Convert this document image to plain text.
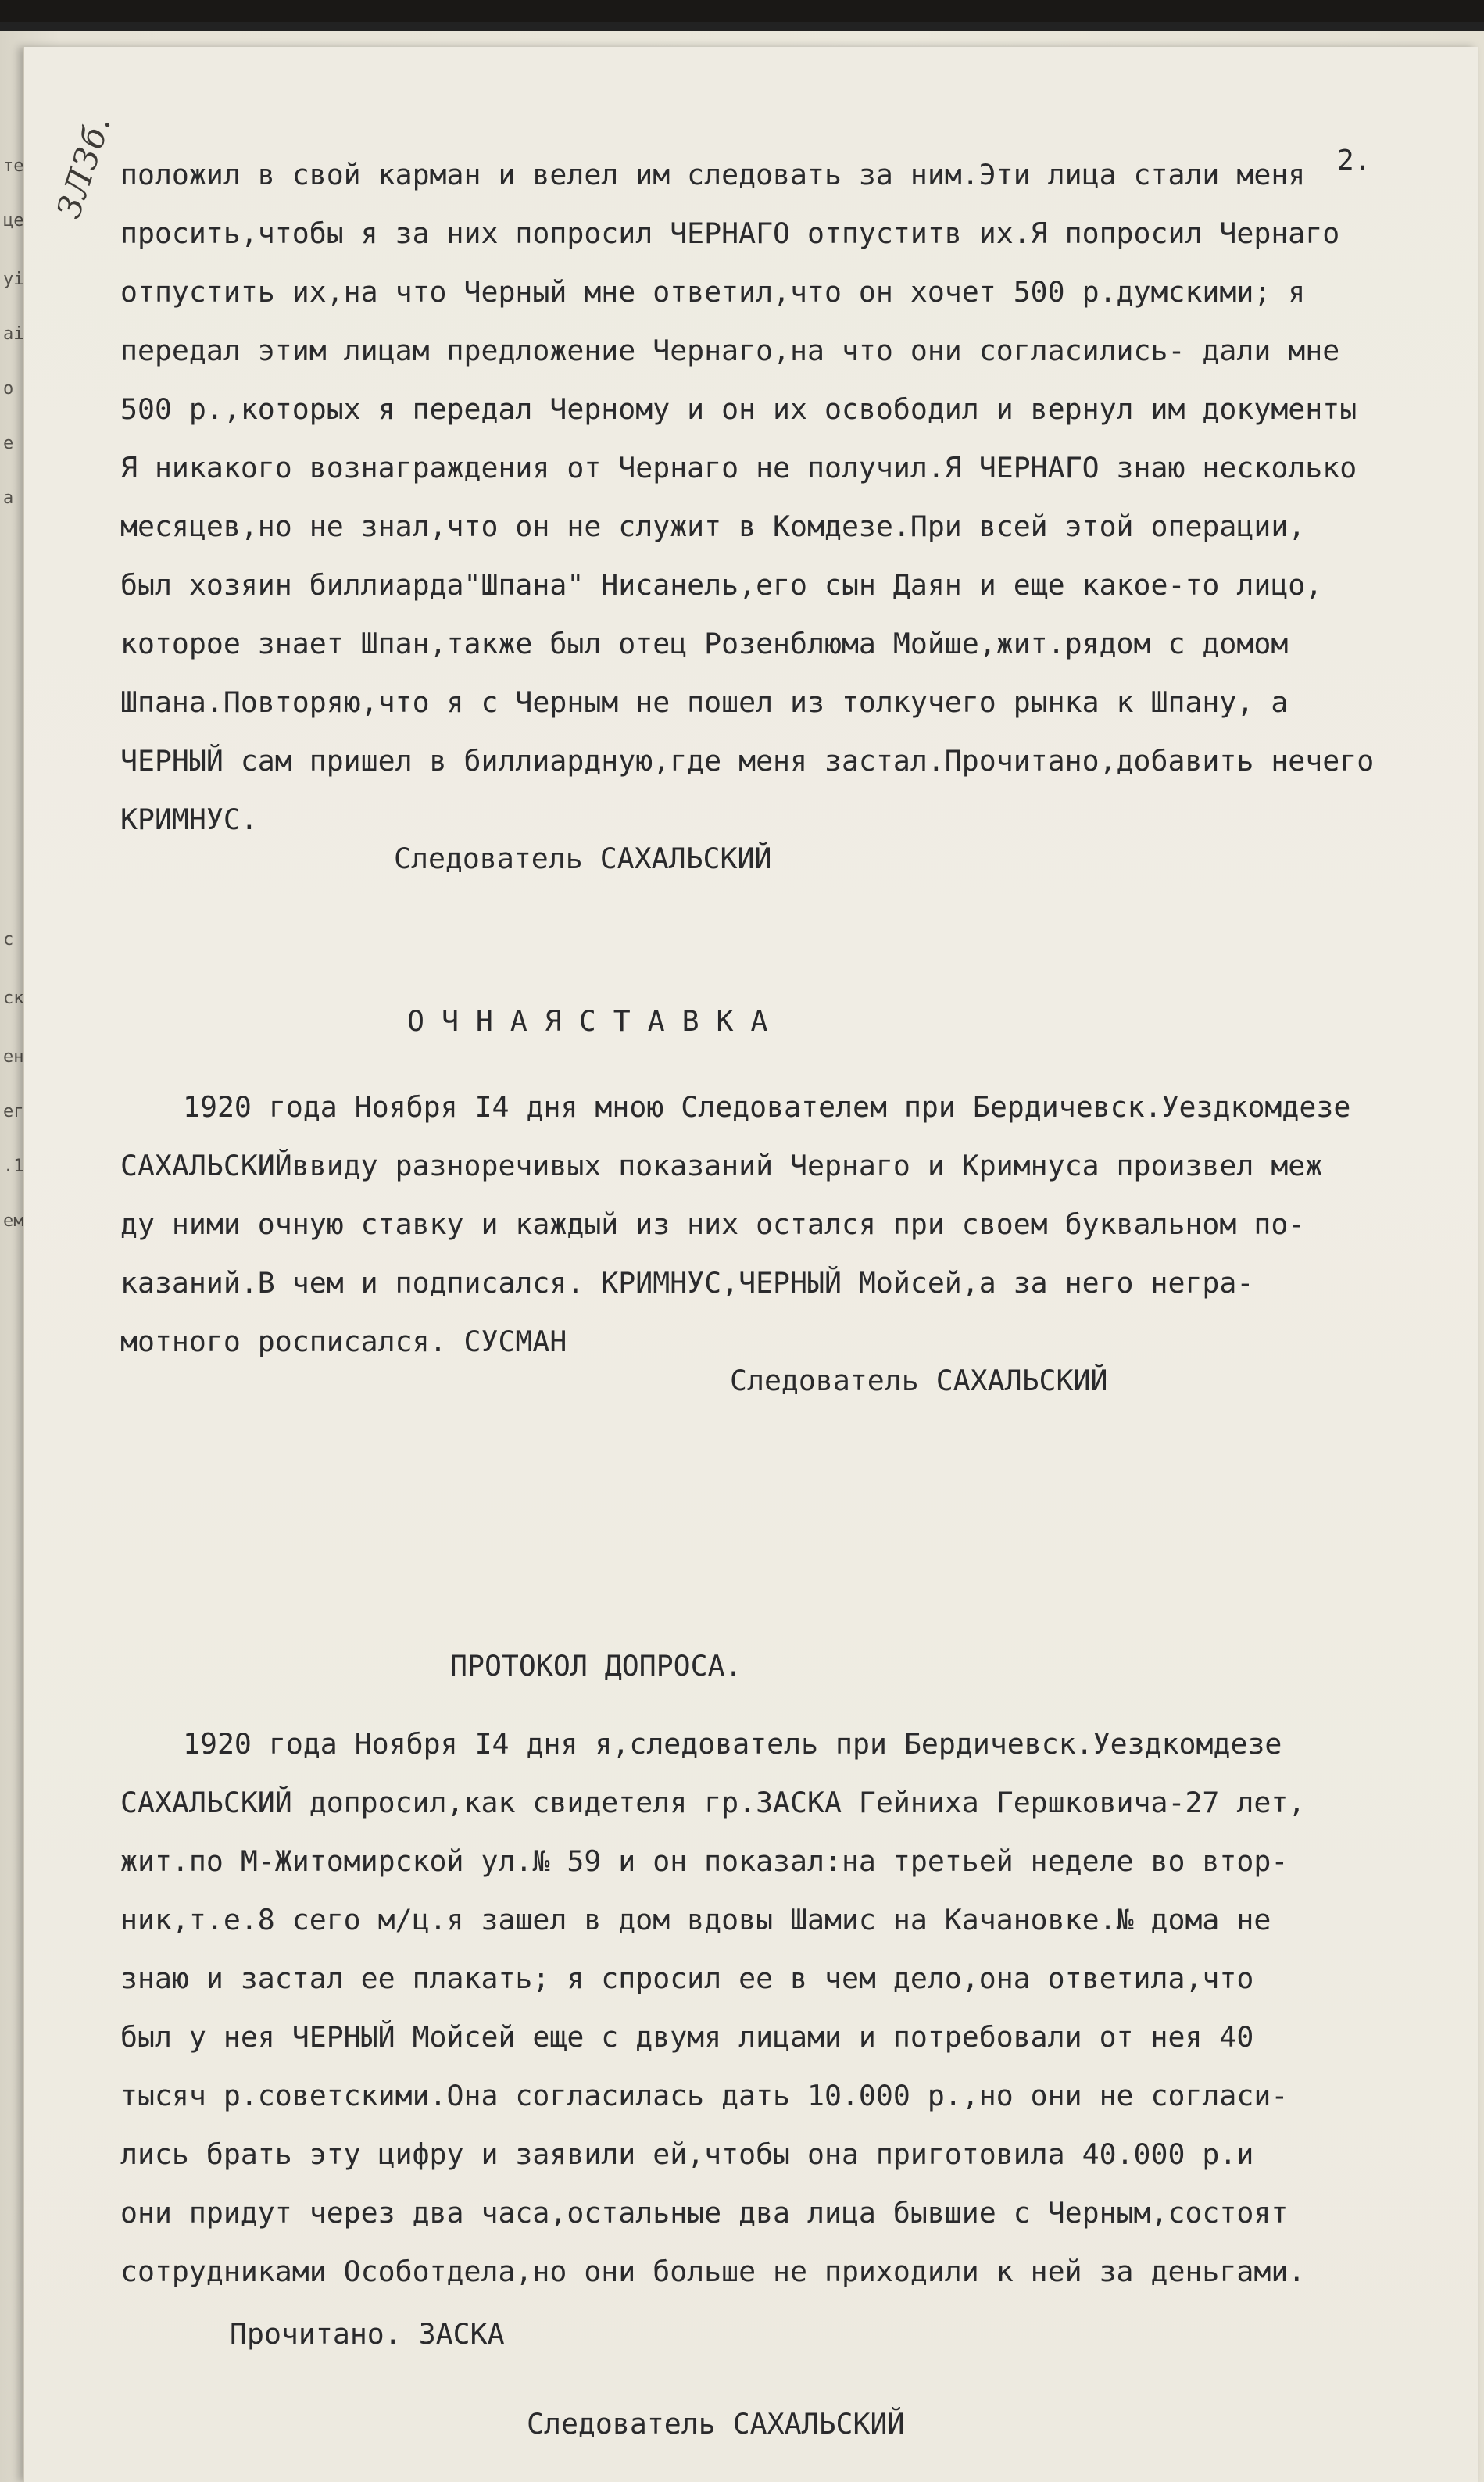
те
це
уі
аі
о
е
а
с
ск
ен
ег
.1
ем
ЗЛЗб.	2.
положил в свой карман и велел им следовать за ним.Эти лица стали меня
просить,чтобы я за них попросил ЧЕРНАГО отпуститв их.Я попросил Чернаго
отпустить их,на что Черный мне ответил,что он хочет 500 р.думскими; я
передал этим лицам предложение Чернаго,на что они согласились- дали мне
500 р.,которых я передал Черному и он их освободил и вернул им документы
Я никакого вознаграждения от Чернаго не получил.Я ЧЕРНАГО знаю несколько
месяцев,но не знал,что он не служит в Комдезе.При всей этой операции,
был хозяин биллиарда"Шпана" Нисанель,его сын Даян и еще какое-то лицо,
которое знает Шпан,также был отец Розенблюма Мойше,жит.рядом с домом
Шпана.Повторяю,что я с Черным не пошел из толкучего рынка к Шпану, а
ЧЕРНЫЙ сам пришел в биллиардную,где меня застал.Прочитано,добавить нечего
КРИМНУС.
Следователь САХАЛЬСКИЙ
О Ч Н А Я С Т А В К А
1920 года Ноября I4 дня мною Следователем при Бердичевск.Уездкомдезе
САХАЛЬСКИЙввиду разноречивых показаний Чернаго и Кримнуса произвел меж
ду ними очную ставку и каждый из них остался при своем буквальном по-
казаний.В чем и подписался. КРИМНУС,ЧЕРНЫЙ Мойсей,а за него негра-
мотного росписался. СУСМАН
Следователь САХАЛЬСКИЙ
ПРОТОКОЛ ДОПРОСА.
1920 года Ноября I4 дня я,следователь при Бердичевск.Уездкомдезе
САХАЛЬСКИЙ допросил,как свидетеля гр.ЗАСКА Гейниха Гершковича-27 лет,
жит.по М-Житомирской ул.№ 59 и он показал:на третьей неделе во втор-
ник,т.е.8 сего м/ц.я зашел в дом вдовы Шамис на Качановке.№ дома не
знаю и застал ее плакать; я спросил ее в чем дело,она ответила,что
был у нея ЧЕРНЫЙ Мойсей еще с двумя лицами и потребовали от нея 40
тысяч р.советскими.Она согласилась дать 10.000 р.,но они не согласи-
лись брать эту цифру и заявили ей,чтобы она приготовила 40.000 р.и
они придут через два часа,остальные два лица бывшие с Черным,состоят
сотрудниками Особотдела,но они больше не приходили к ней за деньгами.
Прочитано. ЗАСКА
Следователь САХАЛЬСКИЙ
